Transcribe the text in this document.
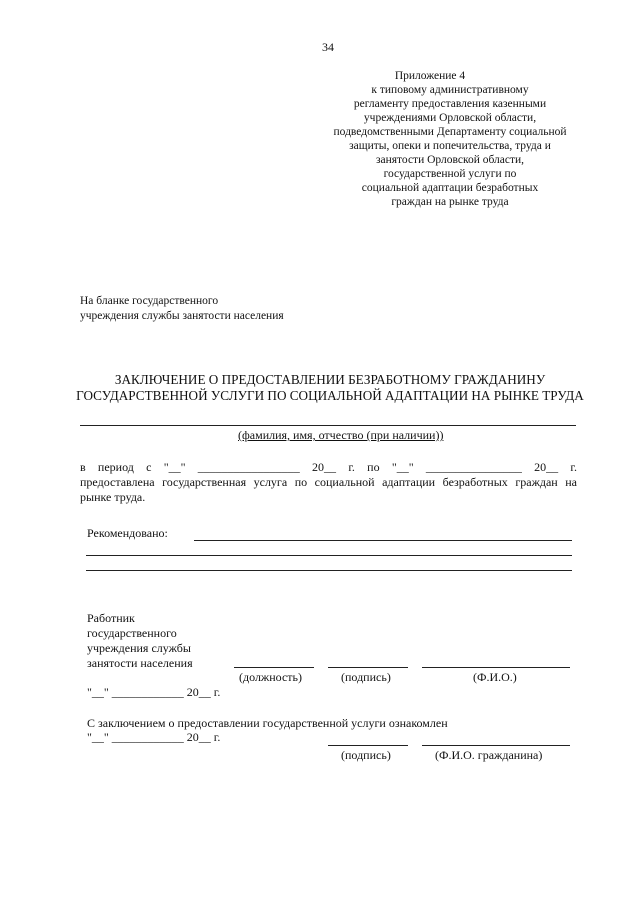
34
Приложение 4
к типовому административному
регламенту предоставления казенными
учреждениями Орловской области,
подведомственными Департаменту социальной
защиты, опеки и попечительства, труда и
занятости Орловской области,
государственной услуги по
социальной адаптации безработных
граждан на рынке труда
На бланке государственного
учреждения службы занятости населения
ЗАКЛЮЧЕНИЕ О ПРЕДОСТАВЛЕНИИ БЕЗРАБОТНОМУ ГРАЖДАНИНУ
ГОСУДАРСТВЕННОЙ УСЛУГИ ПО СОЦИАЛЬНОЙ АДАПТАЦИИ НА РЫНКЕ ТРУДА
(фамилия, имя, отчество (при наличии))
в период с "__" _________________ 20__ г. по "__" ________________ 20__ г.
предоставлена государственная услуга по социальной адаптации безработных граждан на
рынке труда.
Рекомендовано:
Работник
государственного
учреждения службы
занятости населения
(должность)	(подпись)	(Ф.И.О.)
"__" ____________ 20__ г.
С заключением о предоставлении государственной услуги ознакомлен
"__" ____________ 20__ г.
(подпись)	(Ф.И.О. гражданина)
